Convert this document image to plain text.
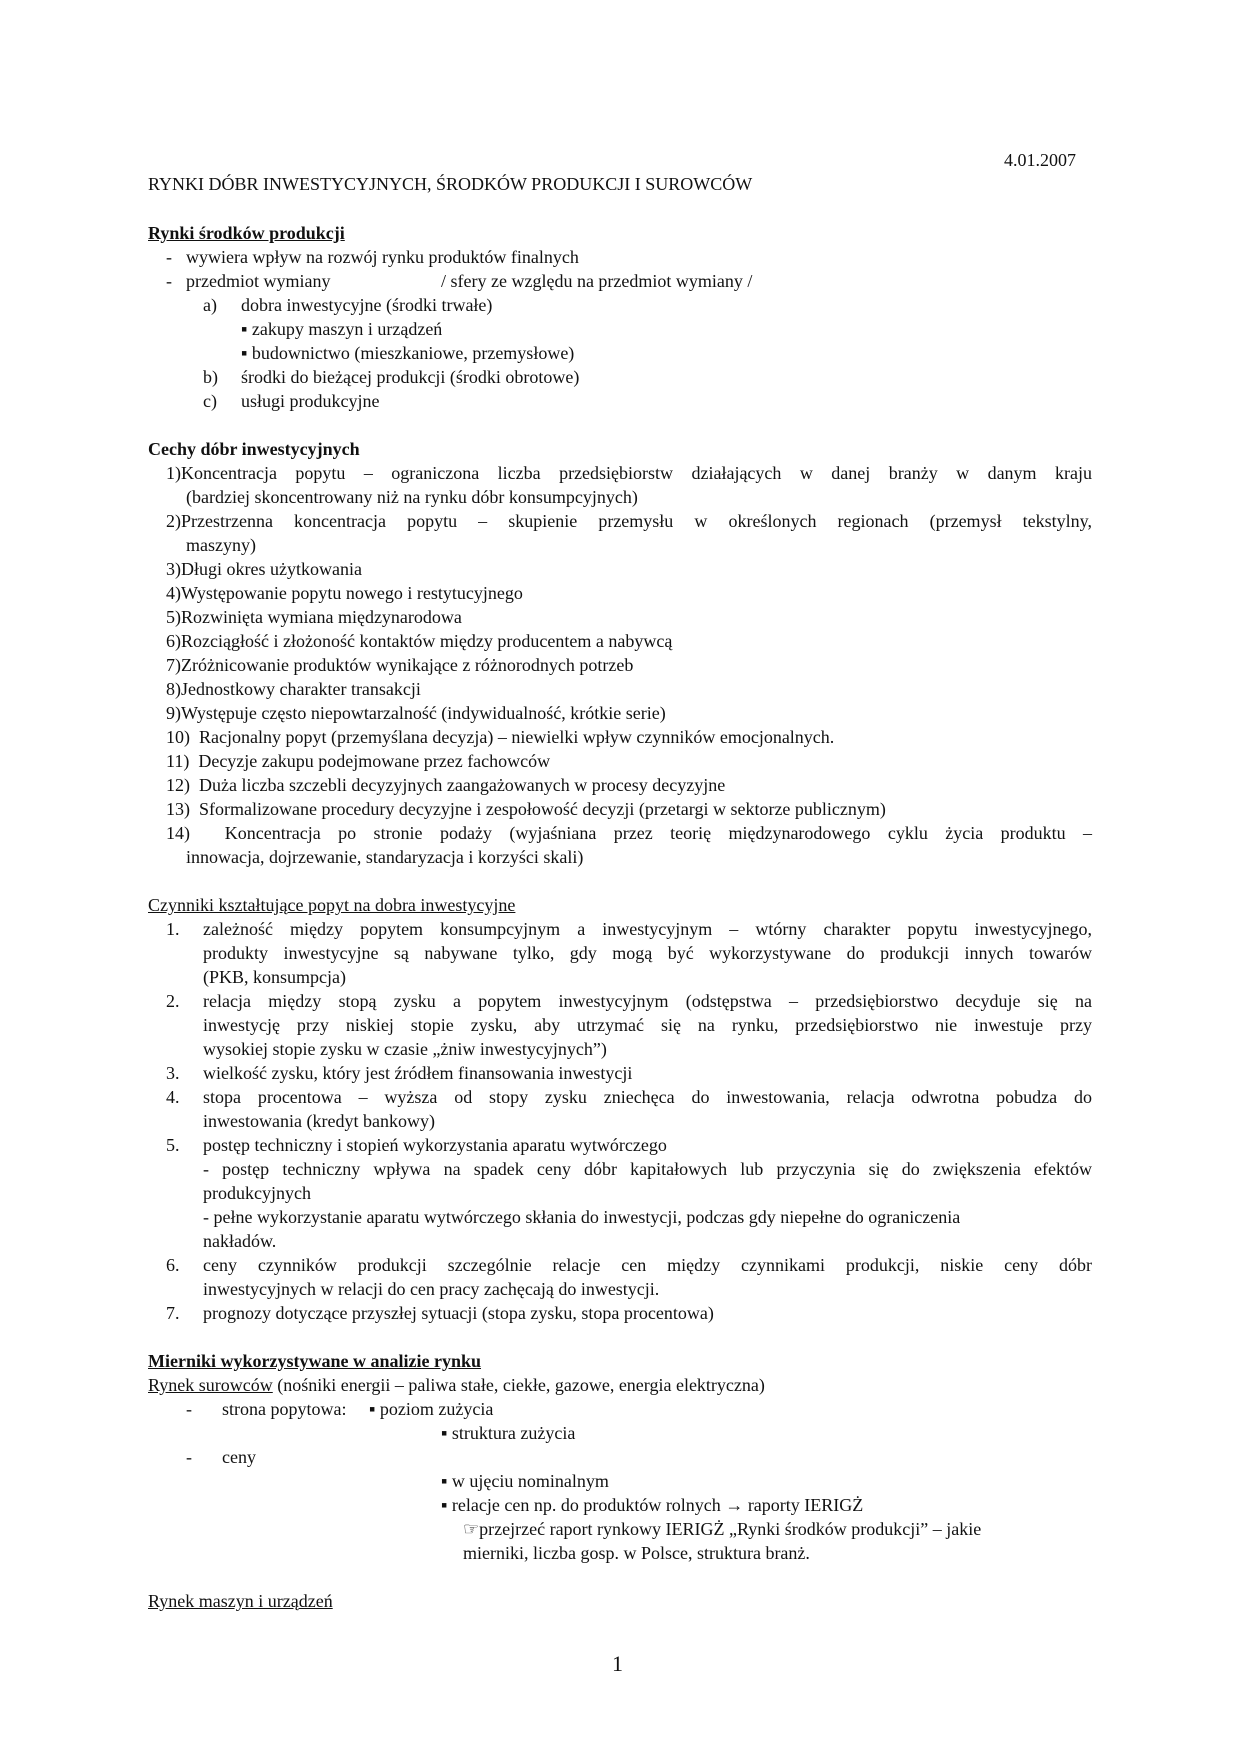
4.01.2007
RYNKI DÓBR INWESTYCYJNYCH, ŚRODKÓW PRODUKCJI I SUROWCÓW
Rynki środków produkcji
- wywiera wpływ na rozwój rynku produktów finalnych
- przedmiot wymiany	/ sfery ze względu na przedmiot wymiany /
a) dobra inwestycyjne (środki trwałe)
▪ zakupy maszyn i urządzeń
▪ budownictwo (mieszkaniowe, przemysłowe)
b) środki do bieżącej produkcji (środki obrotowe)
c) usługi produkcyjne
Cechy dóbr inwestycyjnych
1)Koncentracja popytu – ograniczona liczba przedsiębiorstw działających w danej branży w danym kraju
(bardziej skoncentrowany niż na rynku dóbr konsumpcyjnych)
2)Przestrzenna koncentracja popytu – skupienie przemysłu w określonych regionach (przemysł tekstylny,
maszyny)
3)Długi okres użytkowania
4)Występowanie popytu nowego i restytucyjnego
5)Rozwinięta wymiana międzynarodowa
6)Rozciągłość i złożoność kontaktów między producentem a nabywcą
7)Zróżnicowanie produktów wynikające z różnorodnych potrzeb
8)Jednostkowy charakter transakcji
9)Występuje często niepowtarzalność (indywidualność, krótkie serie)
10)  Racjonalny popyt (przemyślana decyzja) – niewielki wpływ czynników emocjonalnych.
11)  Decyzje zakupu podejmowane przez fachowców
12)  Duża liczba szczebli decyzyjnych zaangażowanych w procesy decyzyjne
13)  Sformalizowane procedury decyzyjne i zespołowość decyzji (przetargi w sektorze publicznym)
14)  Koncentracja po stronie podaży (wyjaśniana przez teorię międzynarodowego cyklu życia produktu –
innowacja, dojrzewanie, standaryzacja i korzyści skali)
Czynniki kształtujące popyt na dobra inwestycyjne
1. zależność między popytem konsumpcyjnym a inwestycyjnym – wtórny charakter popytu inwestycyjnego,
produkty inwestycyjne są nabywane tylko, gdy mogą być wykorzystywane do produkcji innych towarów
(PKB, konsumpcja)
2. relacja między stopą zysku a popytem inwestycyjnym (odstępstwa – przedsiębiorstwo decyduje się na
inwestycję przy niskiej stopie zysku, aby utrzymać się na rynku, przedsiębiorstwo nie inwestuje przy
wysokiej stopie zysku w czasie „żniw inwestycyjnych”)
3. wielkość zysku, który jest źródłem finansowania inwestycji
4. stopa procentowa – wyższa od stopy zysku zniechęca do inwestowania, relacja odwrotna pobudza do
inwestowania (kredyt bankowy)
5. postęp techniczny i stopień wykorzystania aparatu wytwórczego
- postęp techniczny wpływa na spadek ceny dóbr kapitałowych lub przyczynia się do zwiększenia efektów
produkcyjnych
- pełne wykorzystanie aparatu wytwórczego skłania do inwestycji, podczas gdy niepełne do ograniczenia
nakładów.
6. ceny czynników produkcji szczególnie relacje cen między czynnikami produkcji, niskie ceny dóbr
inwestycyjnych w relacji do cen pracy zachęcają do inwestycji.
7. prognozy dotyczące przyszłej sytuacji (stopa zysku, stopa procentowa)
Mierniki wykorzystywane w analizie rynku
Rynek surowców (nośniki energii – paliwa stałe, ciekłe, gazowe, energia elektryczna)
- strona popytowa: ▪ poziom zużycia
▪ struktura zużycia
- ceny
▪ w ujęciu nominalnym
▪ relacje cen np. do produktów rolnych → raporty IERIGŻ
☞przejrzeć raport rynkowy IERIGŻ „Rynki środków produkcji” – jakie
mierniki, liczba gosp. w Polsce, struktura branż.
Rynek maszyn i urządzeń
1
